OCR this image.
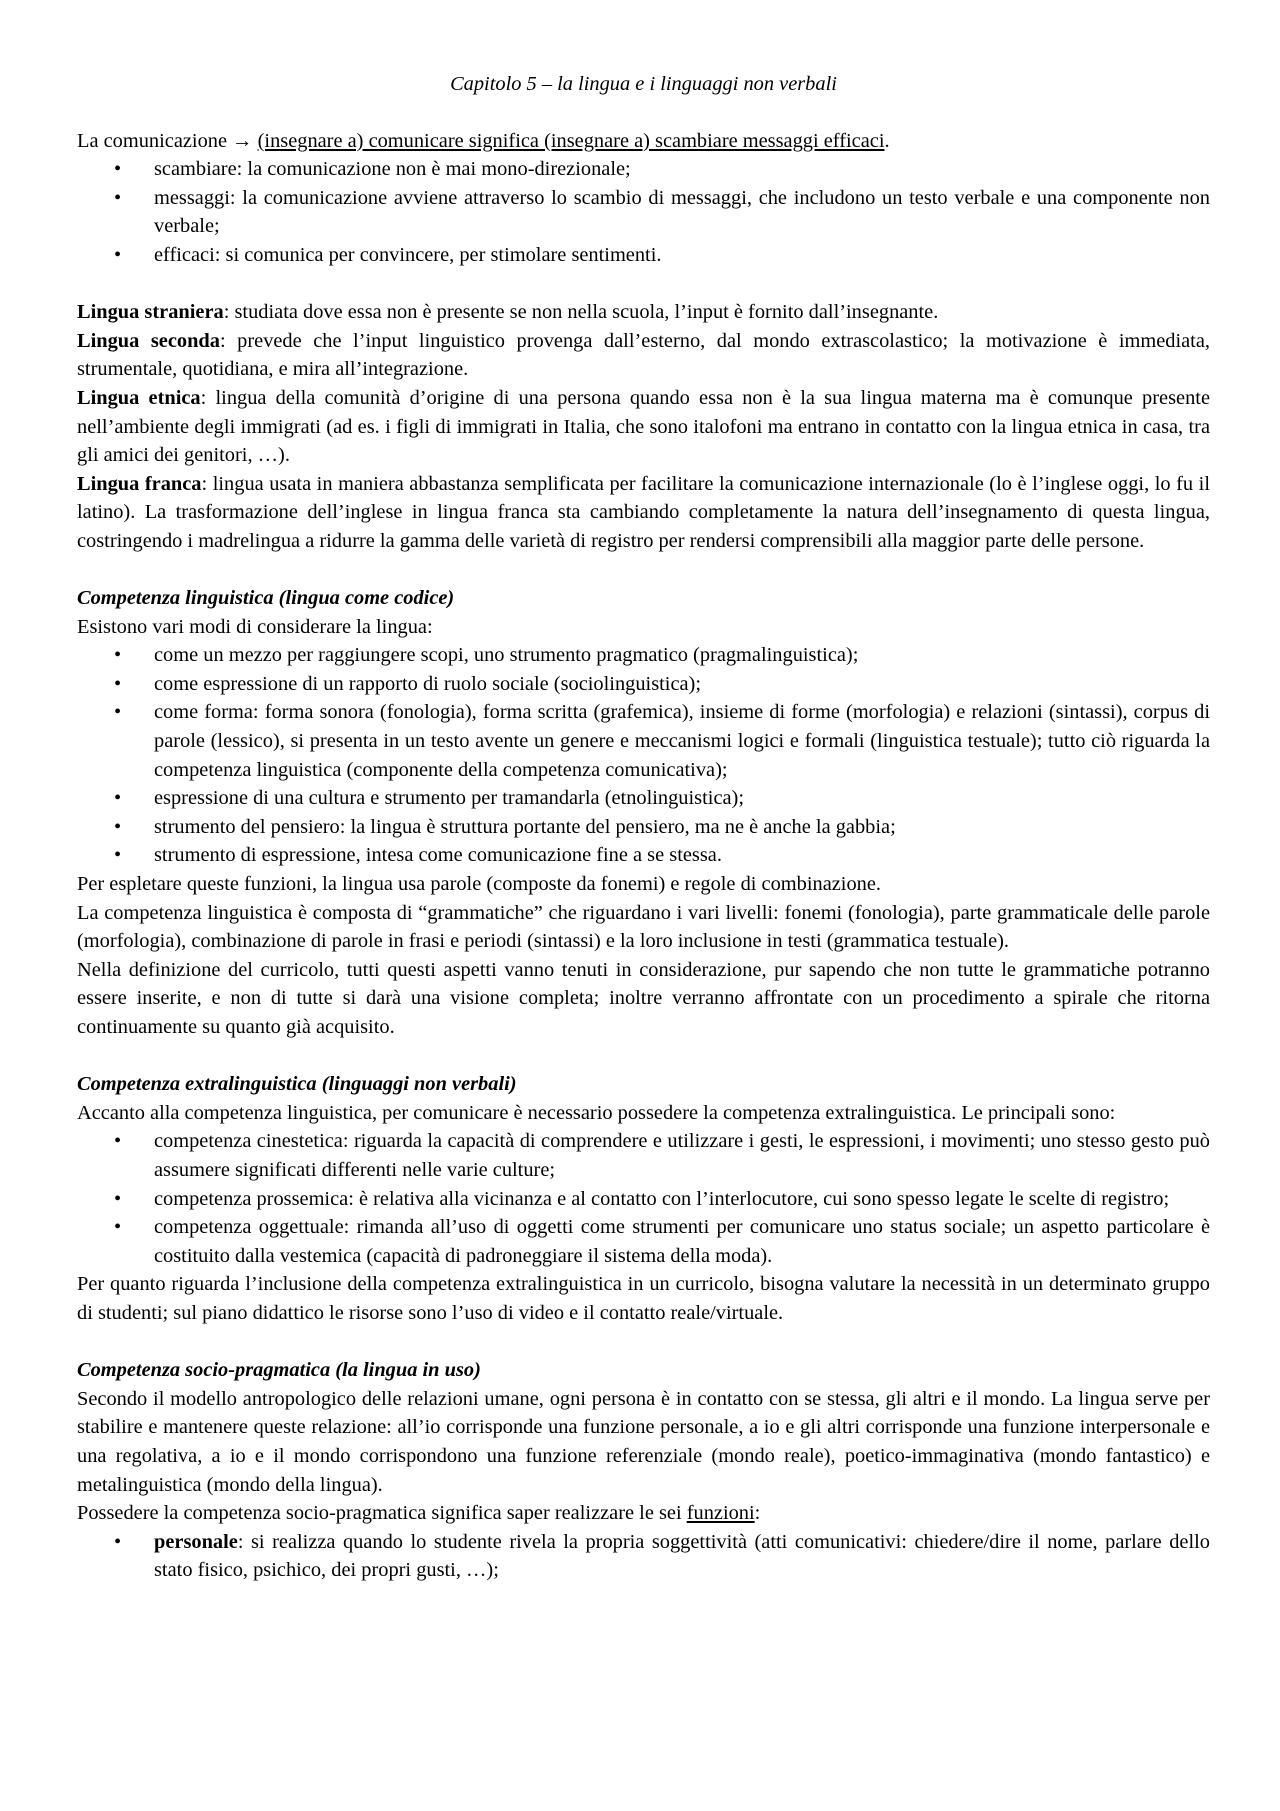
Capitolo 5 – la lingua e i linguaggi non verbali

La comunicazione → (insegnare a) comunicare significa (insegnare a) scambiare messaggi efficaci.

• scambiare: la comunicazione non è mai mono-direzionale;
• messaggi: la comunicazione avviene attraverso lo scambio di messaggi, che includono un testo verbale e una componente non verbale;
• efficaci: si comunica per convincere, per stimolare sentimenti.

Lingua straniera: studiata dove essa non è presente se non nella scuola, l’input è fornito dall’insegnante.

Lingua seconda: prevede che l’input linguistico provenga dall’esterno, dal mondo extrascolastico; la motivazione è immediata, strumentale, quotidiana, e mira all’integrazione.

Lingua etnica: lingua della comunità d’origine di una persona quando essa non è la sua lingua materna ma è comunque presente nell’ambiente degli immigrati (ad es. i figli di immigrati in Italia, che sono italofoni ma entrano in contatto con la lingua etnica in casa, tra gli amici dei genitori, …).

Lingua franca: lingua usata in maniera abbastanza semplificata per facilitare la comunicazione internazionale (lo è l’inglese oggi, lo fu il latino). La trasformazione dell’inglese in lingua franca sta cambiando completamente la natura dell’insegnamento di questa lingua, costringendo i madrelingua a ridurre la gamma delle varietà di registro per rendersi comprensibili alla maggior parte delle persone.

Competenza linguistica (lingua come codice)

Esistono vari modi di considerare la lingua:

• come un mezzo per raggiungere scopi, uno strumento pragmatico (pragmalinguistica);
• come espressione di un rapporto di ruolo sociale (sociolinguistica);
• come forma: forma sonora (fonologia), forma scritta (grafemica), insieme di forme (morfologia) e relazioni (sintassi), corpus di parole (lessico), si presenta in un testo avente un genere e meccanismi logici e formali (linguistica testuale); tutto ciò riguarda la competenza linguistica (componente della competenza comunicativa);
• espressione di una cultura e strumento per tramandarla (etnolinguistica);
• strumento del pensiero: la lingua è struttura portante del pensiero, ma ne è anche la gabbia;
• strumento di espressione, intesa come comunicazione fine a se stessa.

Per espletare queste funzioni, la lingua usa parole (composte da fonemi) e regole di combinazione.

La competenza linguistica è composta di “grammatiche” che riguardano i vari livelli: fonemi (fonologia), parte grammaticale delle parole (morfologia), combinazione di parole in frasi e periodi (sintassi) e la loro inclusione in testi (grammatica testuale).

Nella definizione del curricolo, tutti questi aspetti vanno tenuti in considerazione, pur sapendo che non tutte le grammatiche potranno essere inserite, e non di tutte si darà una visione completa; inoltre verranno affrontate con un procedimento a spirale che ritorna continuamente su quanto già acquisito.

Competenza extralinguistica (linguaggi non verbali)

Accanto alla competenza linguistica, per comunicare è necessario possedere la competenza extralinguistica. Le principali sono:

• competenza cinestetica: riguarda la capacità di comprendere e utilizzare i gesti, le espressioni, i movimenti; uno stesso gesto può assumere significati differenti nelle varie culture;
• competenza prossemica: è relativa alla vicinanza e al contatto con l’interlocutore, cui sono spesso legate le scelte di registro;
• competenza oggettuale: rimanda all’uso di oggetti come strumenti per comunicare uno status sociale; un aspetto particolare è costituito dalla vestemica (capacità di padroneggiare il sistema della moda).

Per quanto riguarda l’inclusione della competenza extralinguistica in un curricolo, bisogna valutare la necessità in un determinato gruppo di studenti; sul piano didattico le risorse sono l’uso di video e il contatto reale/virtuale.

Competenza socio-pragmatica (la lingua in uso)

Secondo il modello antropologico delle relazioni umane, ogni persona è in contatto con se stessa, gli altri e il mondo. La lingua serve per stabilire e mantenere queste relazione: all’io corrisponde una funzione personale, a io e gli altri corrisponde una funzione interpersonale e una regolativa, a io e il mondo corrispondono una funzione referenziale (mondo reale), poetico-immaginativa (mondo fantastico) e metalinguistica (mondo della lingua).

Possedere la competenza socio-pragmatica significa saper realizzare le sei funzioni:

• personale: si realizza quando lo studente rivela la propria soggettività (atti comunicativi: chiedere/dire il nome, parlare dello stato fisico, psichico, dei propri gusti, …);
